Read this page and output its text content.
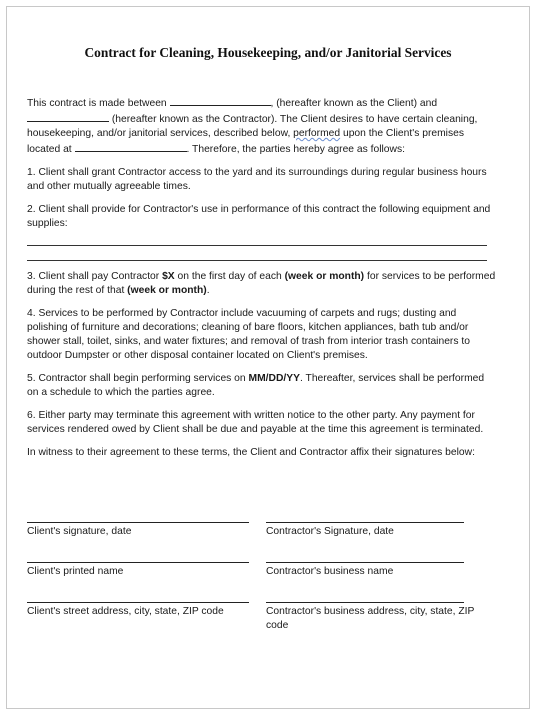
Contract for Cleaning, Housekeeping, and/or Janitorial Services

This contract is made between	, (hereafter known as the Client) and  (hereafter known as the Contractor). The Client desires to have certain cleaning, housekeeping, and/or janitorial services, described below, performed upon the Client's premises located at	. Therefore, the parties hereby agree as follows:

1. Client shall grant Contractor access to the yard and its surroundings during regular business hours and other mutually agreeable times.

2. Client shall provide for Contractor's use in performance of this contract the following equipment and supplies:

3. Client shall pay Contractor $X on the first day of each (week or month) for services to be performed during the rest of that (week or month).

4. Services to be performed by Contractor include vacuuming of carpets and rugs; dusting and polishing of furniture and decorations; cleaning of bare floors, kitchen appliances, bath tub and/or shower stall, toilet, sinks, and water fixtures; and removal of trash from interior trash containers to outdoor Dumpster or other disposal container located on Client's premises.

5. Contractor shall begin performing services on MM/DD/YY. Thereafter, services shall be performed on a schedule to which the parties agree.

6. Either party may terminate this agreement with written notice to the other party. Any payment for services rendered owed by Client shall be due and payable at the time this agreement is terminated.

In witness to their agreement to these terms, the Client and Contractor affix their signatures below:

Client's signature, date	Contractor's Signature, date
Client's printed name	Contractor's business name
Client's street address, city, state, ZIP code	Contractor's business address, city, state, ZIP code
